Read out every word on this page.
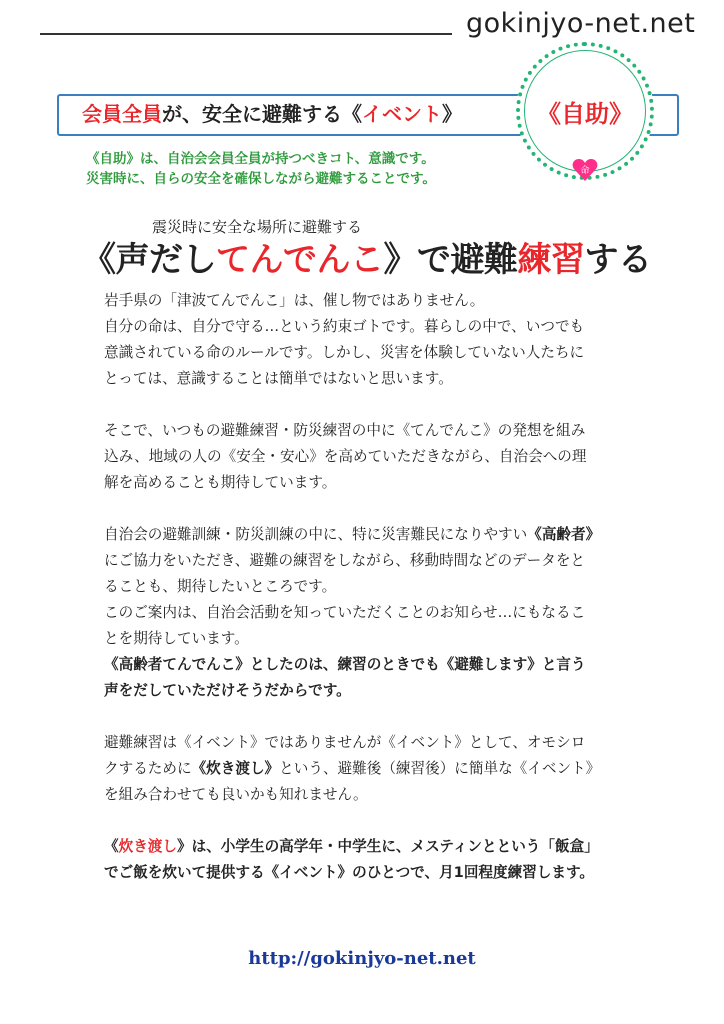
gokinjyo-net.net
会員全員が、安全に避難する《イベント》	《自助》
命
《自助》は、自治会会員全員が持つべきコト、意識です。
災害時に、自らの安全を確保しながら避難することです。
震災時に安全な場所に避難する
《声だしてんでんこ》で避難練習する

岩手県の「津波てんでんこ」は、催し物ではありません。
自分の命は、自分で守る…という約束ゴトです。暮らしの中で、いつでも
意識されている命のルールです。しかし、災害を体験していない人たちに
とっては、意識することは簡単ではないと思います。

そこで、いつもの避難練習・防災練習の中に《てんでんこ》の発想を組み
込み、地域の人の《安全・安心》を高めていただきながら、自治会への理
解を高めることも期待しています。

自治会の避難訓練・防災訓練の中に、特に災害難民になりやすい《高齢者》
にご協力をいただき、避難の練習をしながら、移動時間などのデータをと
ることも、期待したいところです。
このご案内は、自治会活動を知っていただくことのお知らせ…にもなるこ
とを期待しています。
《高齢者てんでんこ》としたのは、練習のときでも《避難します》と言う
声をだしていただけそうだからです。

避難練習は《イベント》ではありませんが《イベント》として、オモシロ
クするために《炊き渡し》という、避難後（練習後）に簡単な《イベント》
を組み合わせても良いかも知れません。

《炊き渡し》は、小学生の高学年・中学生に、メスティンとという「飯盒」
でご飯を炊いて提供する《イベント》のひとつで、月1回程度練習します。

http://gokinjyo-net.net
